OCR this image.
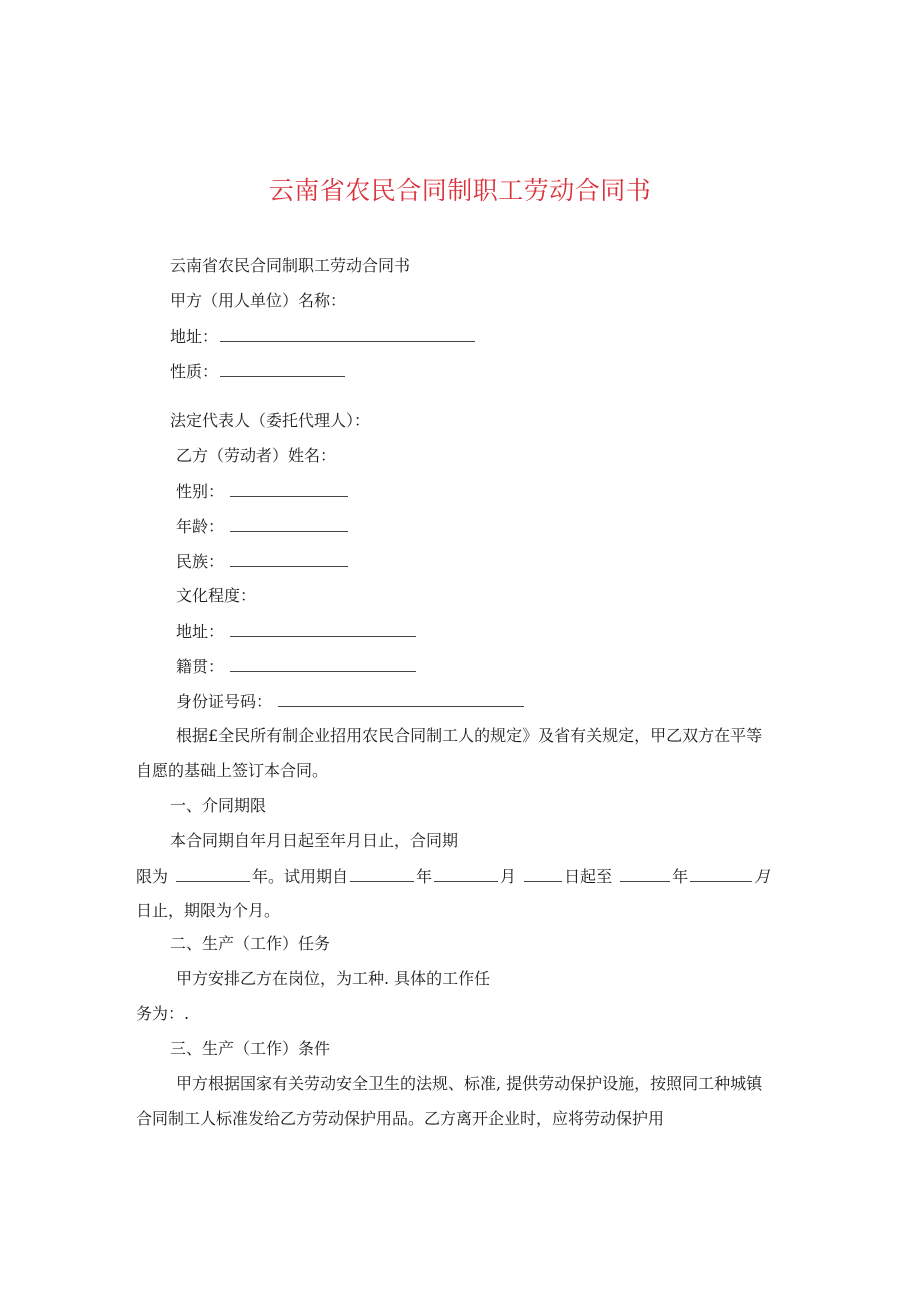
云南省农民合同制职工劳动合同书
云南省农民合同制职工劳动合同书
甲方（用人单位）名称：
地址：
性质：
法定代表人（委托代理人）：
乙方（劳动者）姓名：
性别：
年龄：
民族：
文化程度：
地址：
籍贯：
身份证号码：
根据£全民所有制企业招用农民合同制工人的规定》及省有关规定，甲乙双方在平等
自愿的基础上签订本合同。
一、介同期限
本合同期自年月日起至年月日止，合同期
限为	年。试用期自	年	月	日起至	年	月
日止，期限为个月。
二、生产（工作）任务
甲方安排乙方在岗位，为工种. 具体的工作任
务为：.
三、生产（工作）条件
甲方根据国家有关劳动安全卫生的法规、标准, 提供劳动保护设施，按照同工种城镇
合同制工人标准发给乙方劳动保护用品。乙方离开企业时，应将劳动保护用
